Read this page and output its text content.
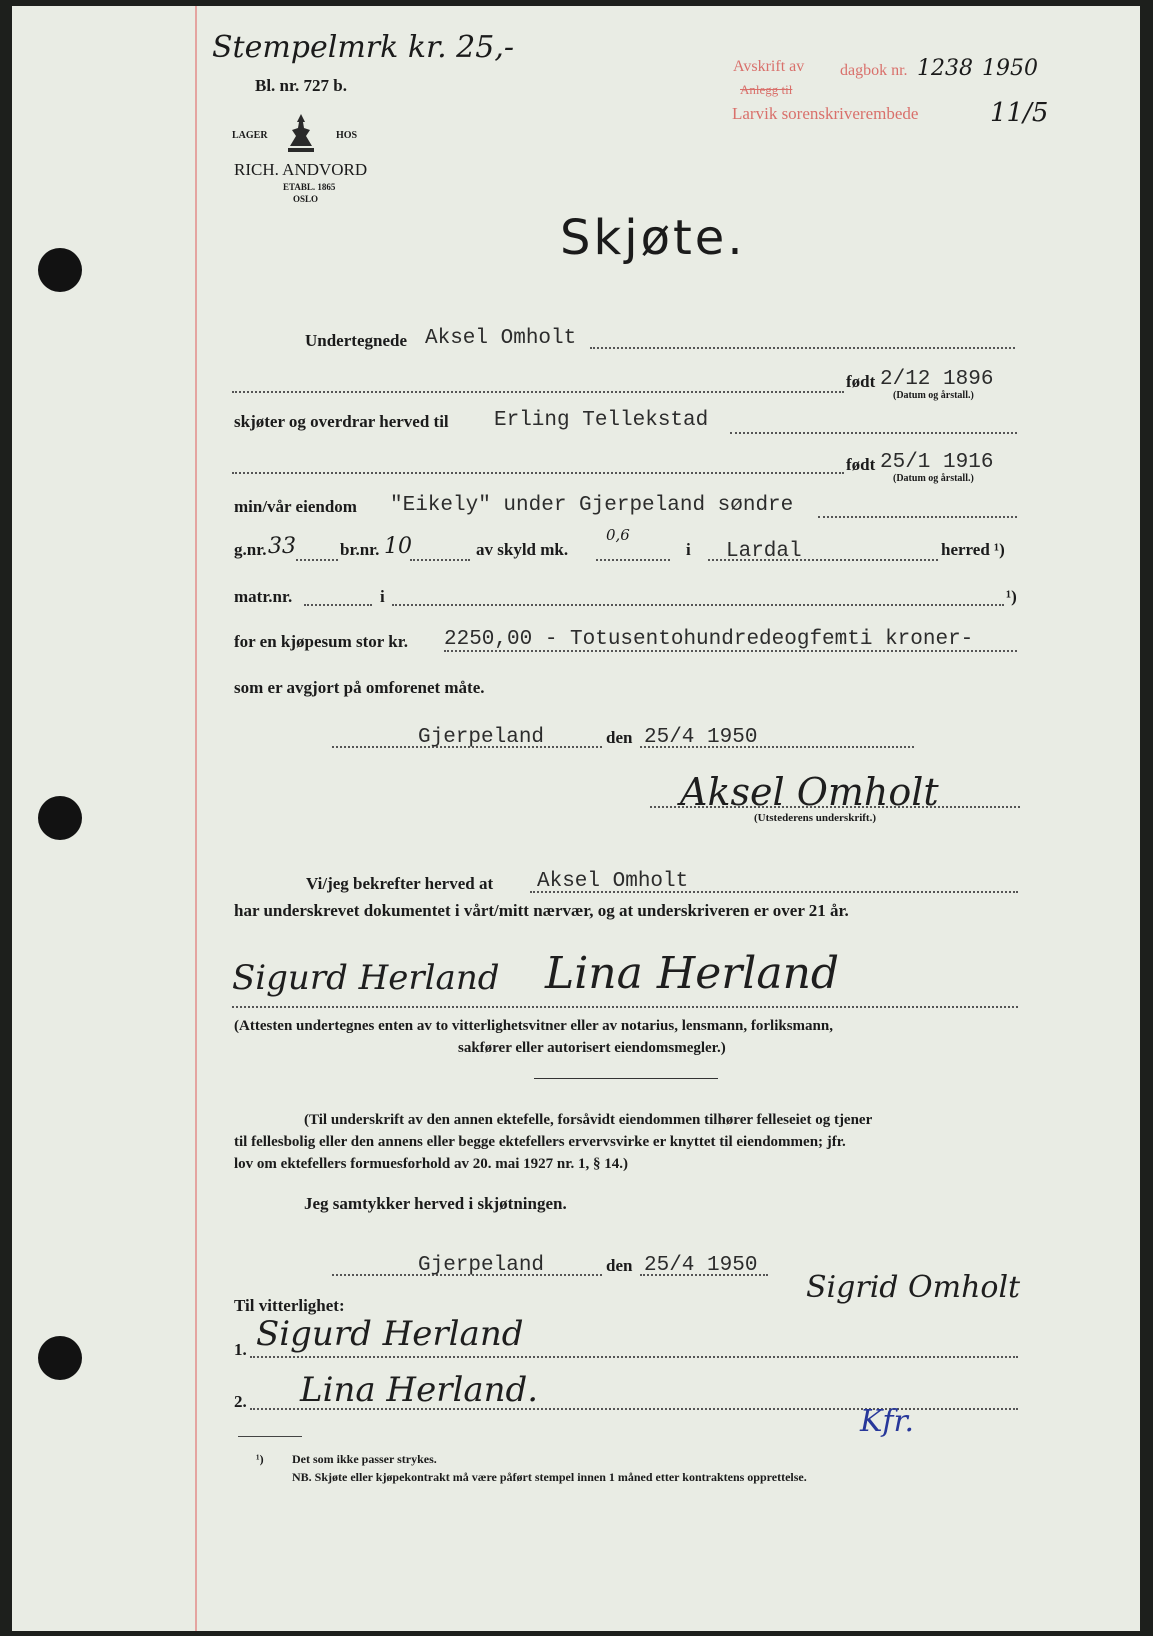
Stempelmrk kr. 25,-
Bl. nr. 727 b.
LAGER	HOS
RICH. ANDVORD
ETABL. 1865
OSLO
Avskrift av dagbok nr. 1238 1950
Anlegg til
Larvik sorenskriverembede	11/5
Skjøte.
Undertegnede Aksel Omholt
født 2/12 1896
(Datum og årstall.)
skjøter og overdrar herved til Erling Tellekstad
født 25/1 1916
(Datum og årstall.)
min/vår eiendom "Eikely" under Gjerpeland søndre
g.nr. 33	br.nr. 10	av skyld mk.
0,6
i Lardal	herred ¹)
matr.nr.	i	¹)
for en kjøpesum stor kr. 2250,00 - Totusentohundredeogfemti kroner-
som er avgjort på omforenet måte.
Gjerpeland	den 25/4 1950
Aksel Omholt
(Utstederens underskrift.)
Vi/jeg bekrefter herved at Aksel Omholt
har underskrevet dokumentet i vårt/mitt nærvær, og at underskriveren er over 21 år.
Sigurd Herland Lina Herland
(Attesten undertegnes enten av to vitterlighetsvitner eller av notarius, lensmann, forliksmann,
sakfører eller autorisert eiendomsmegler.)
(Til underskrift av den annen ektefelle, forsåvidt eiendommen tilhører felleseiet og tjener
til fellesbolig eller den annens eller begge ektefellers ervervsvirke er knyttet til eiendommen; jfr.
lov om ektefellers formuesforhold av 20. mai 1927 nr. 1, § 14.)
Jeg samtykker herved i skjøtningen.
Gjerpeland	den 25/4 1950
Sigrid Omholt
Til vitterlighet:
1. Sigurd Herland
2. Lina Herland.
Kfr.
¹) Det som ikke passer strykes.
NB. Skjøte eller kjøpekontrakt må være påført stempel innen 1 måned etter kontraktens opprettelse.
